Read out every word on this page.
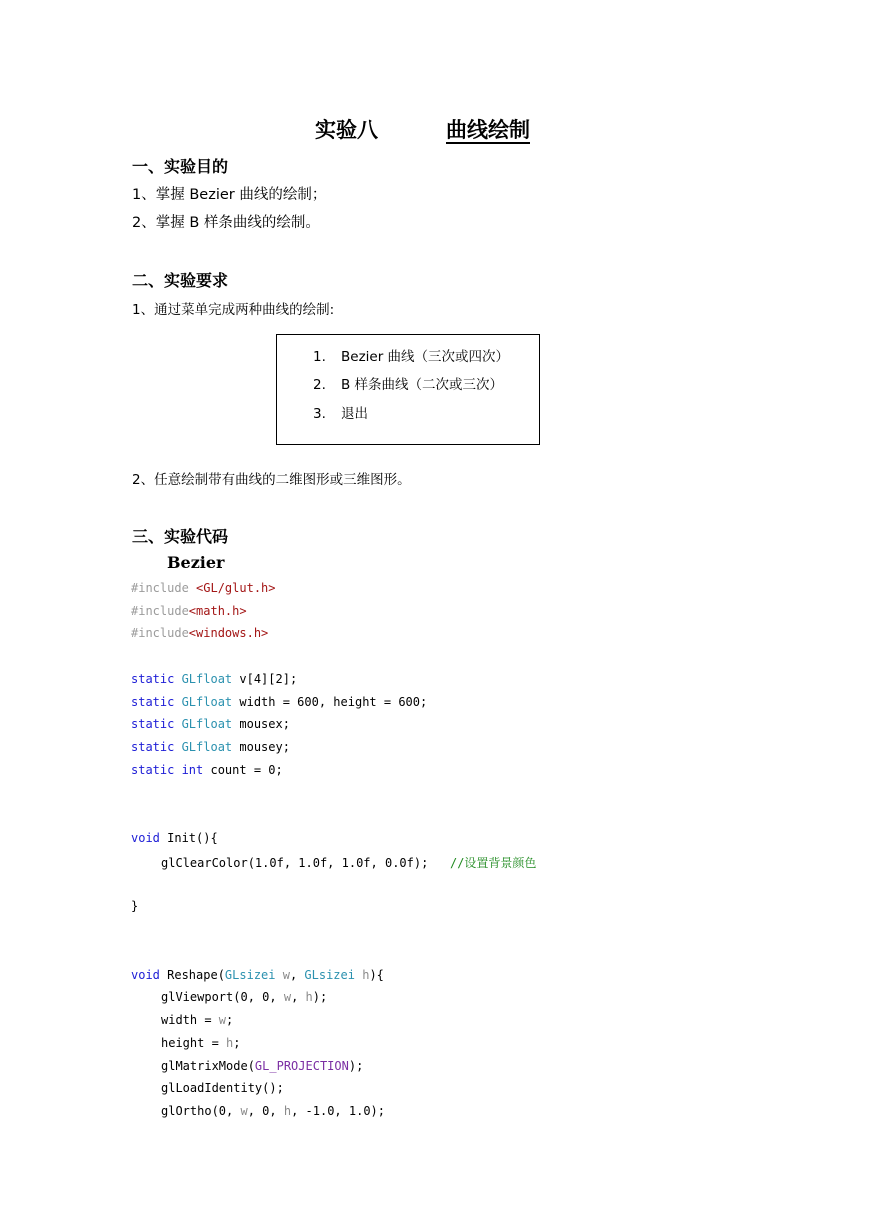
实验八	曲线绘制
一、实验目的
1、掌握 Bezier 曲线的绘制；
2、掌握 B 样条曲线的绘制。
二、实验要求
1、通过菜单完成两种曲线的绘制:

1. Bezier 曲线（三次或四次）

2. B 样条曲线（二次或三次）

3. 退出

2、任意绘制带有曲线的二维图形或三维图形。
三、实验代码
Bezier
#include <GL/glut.h>
#include<math.h>
#include<windows.h>
static GLfloat v[4][2];
static GLfloat width = 600, height = 600;
static GLfloat mousex;
static GLfloat mousey;
static int count = 0;
void Init(){
glClearColor(1.0f, 1.0f, 1.0f, 0.0f);   //设置背景颜色
}
void Reshape(GLsizei w, GLsizei h){
glViewport(0, 0, w, h);
width = w;
height = h;
glMatrixMode(GL_PROJECTION);
glLoadIdentity();
glOrtho(0, w, 0, h, -1.0, 1.0);
